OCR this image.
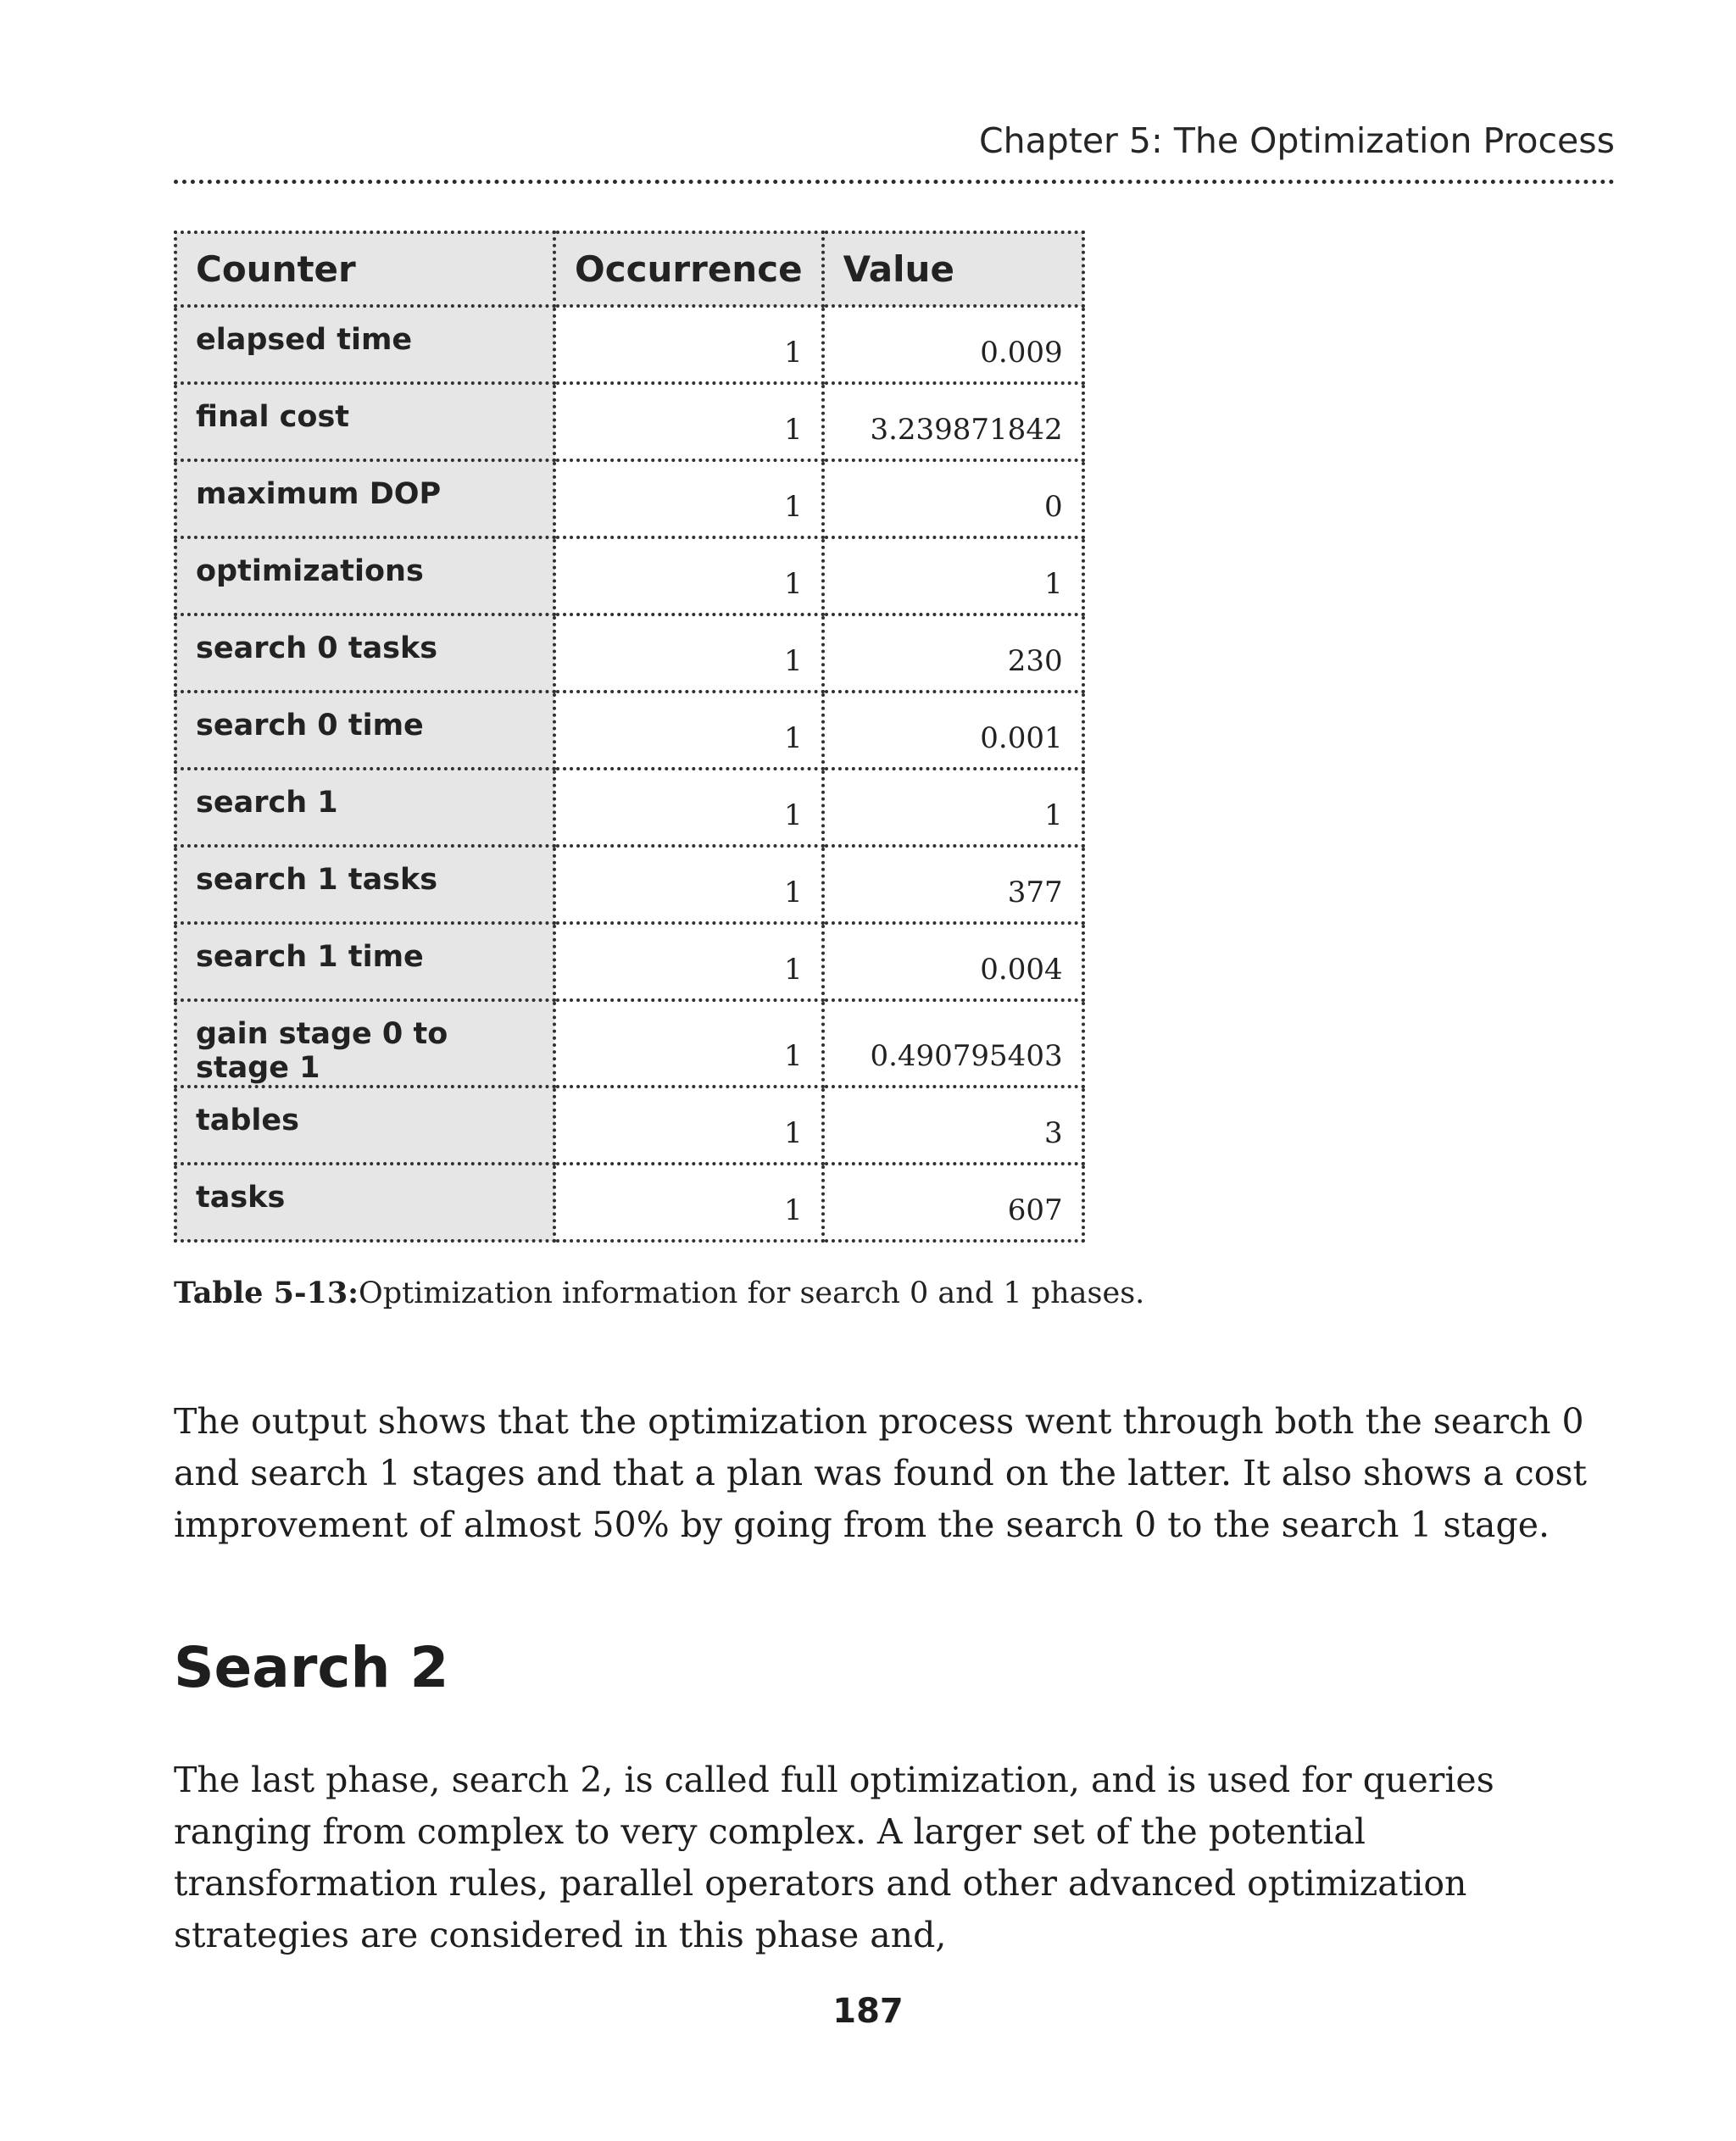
Chapter 5: The Optimization Process
Counter	Occurrence	Value
elapsed time	1	0.009
final cost	1	3.239871842
maximum DOP	1	0
optimizations	1	1
search 0 tasks	1	230
search 0 time	1	0.001
search 1	1	1
search 1 tasks	1	377
search 1 time	1	0.004
gain stage 0 to stage 1	1	0.490795403
tables	1	3
tasks	1	607
Table 5-13:Optimization information for search 0 and 1 phases.

The output shows that the optimization process went through both the search 0 and search 1 stages and that a plan was found on the latter. It also shows a cost improvement of almost 50% by going from the search 0 to the search 1 stage.

Search 2

The last phase, search 2, is called full optimization, and is used for queries ranging from complex to very complex. A larger set of the potential transformation rules, parallel operators and other advanced optimization strategies are considered in this phase and,

187
